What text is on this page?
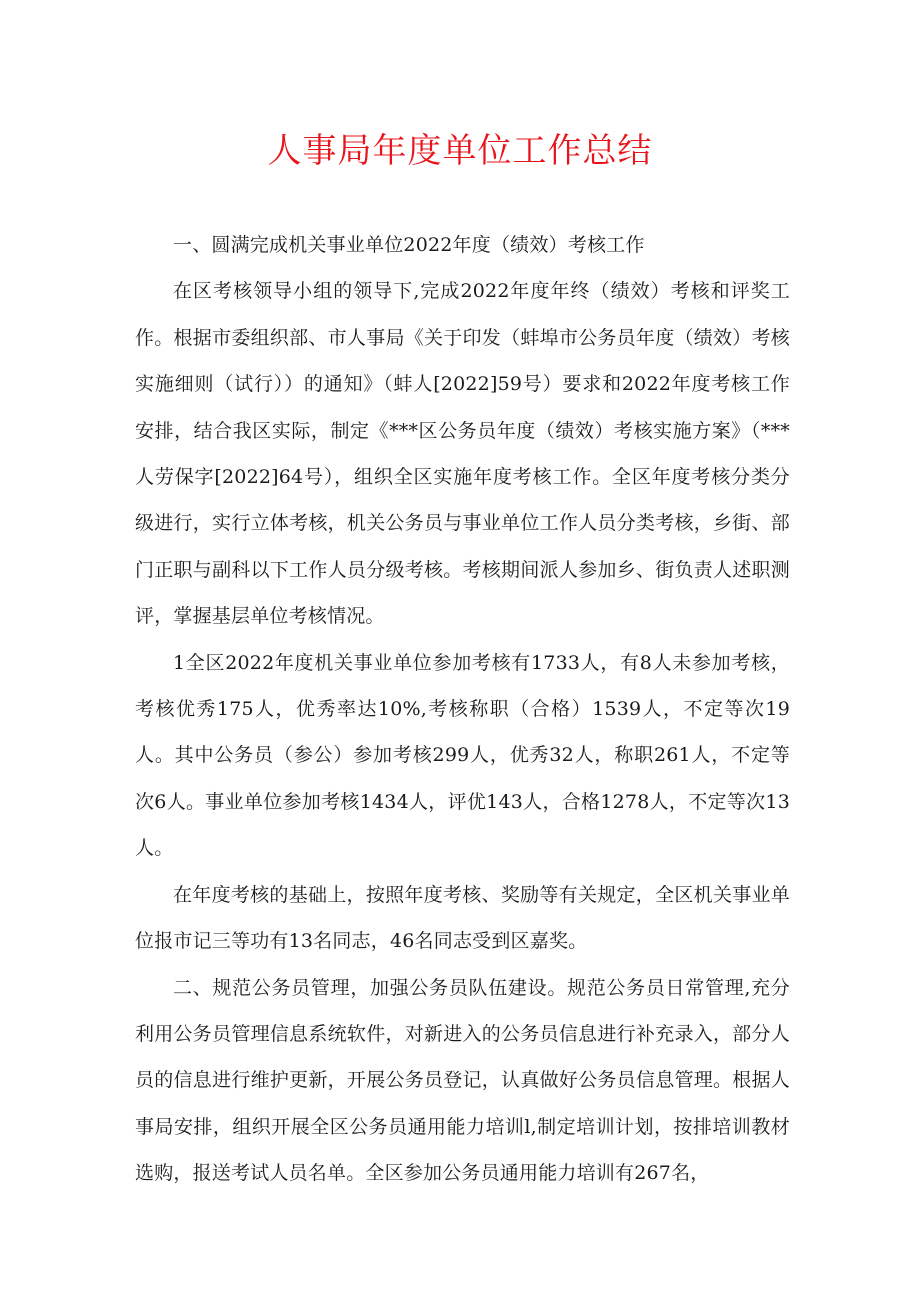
人事局年度单位工作总结

一、圆满完成机关事业单位2022年度（绩效）考核工作

在区考核领导小组的领导下,完成2022年度年终（绩效）考核和评奖工作。根据市委组织部、市人事局《关于印发（蚌埠市公务员年度（绩效）考核实施细则（试行））的通知》（蚌人[2022]59号）要求和2022年度考核工作安排，结合我区实际，制定《***区公务员年度（绩效）考核实施方案》（***人劳保字[2022]64号），组织全区实施年度考核工作。全区年度考核分类分级进行，实行立体考核，机关公务员与事业单位工作人员分类考核，乡街、部门正职与副科以下工作人员分级考核。考核期间派人参加乡、街负责人述职测评，掌握基层单位考核情况。

1全区2022年度机关事业单位参加考核有1733人，有8人未参加考核，考核优秀175人，优秀率达10%,考核称职（合格）1539人，不定等次19人。其中公务员（参公）参加考核299人，优秀32人，称职261人，不定等次6人。事业单位参加考核1434人，评优143人，合格1278人，不定等次13人。

在年度考核的基础上，按照年度考核、奖励等有关规定，全区机关事业单位报市记三等功有13名同志，46名同志受到区嘉奖。

二、规范公务员管理，加强公务员队伍建设。规范公务员日常管理,充分利用公务员管理信息系统软件，对新进入的公务员信息进行补充录入，部分人员的信息进行维护更新，开展公务员登记，认真做好公务员信息管理。根据人事局安排，组织开展全区公务员通用能力培训l,制定培训计划，按排培训教材选购，报送考试人员名单。全区参加公务员通用能力培训有267名，
